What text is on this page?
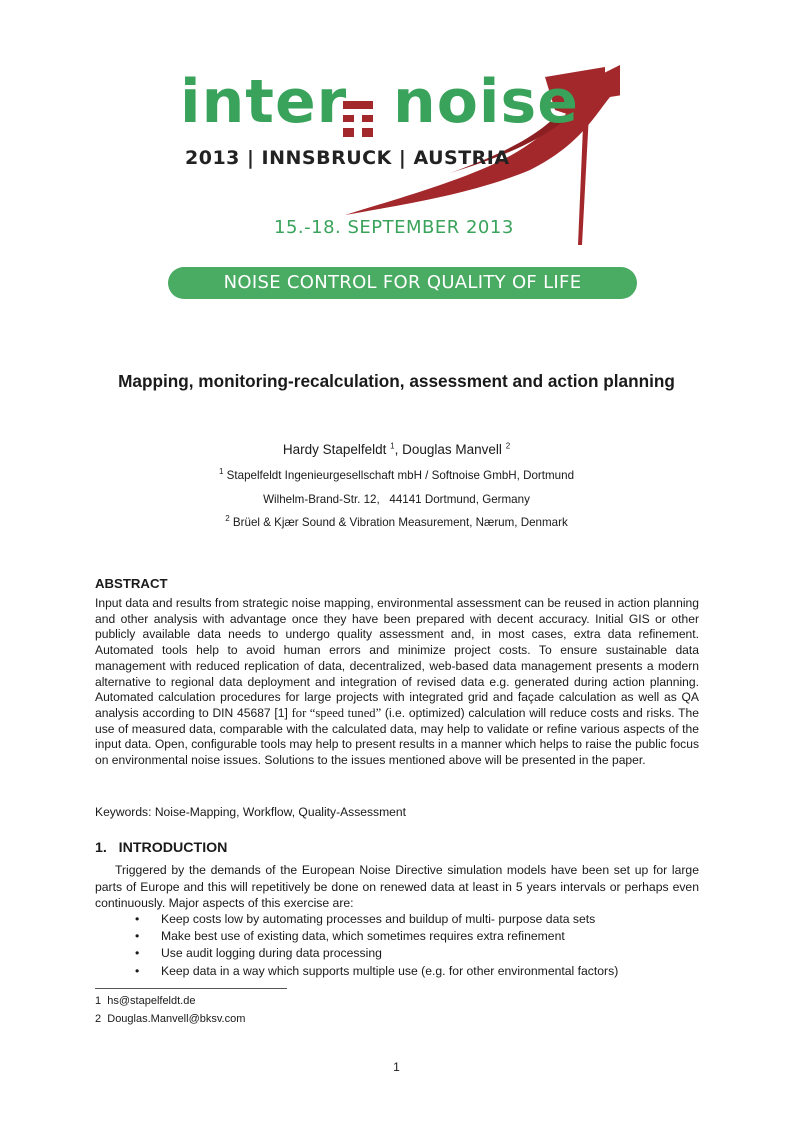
inter noise
2013 | INNSBRUCK | AUSTRIA
15.-18. SEPTEMBER 2013
NOISE CONTROL FOR QUALITY OF LIFE
Mapping, monitoring-recalculation, assessment and action planning
Hardy Stapelfeldt $^1$, Douglas Manvell $^2$
$^1$ Stapelfeldt Ingenieurgesellschaft mbH / Softnoise GmbH, Dortmund
Wilhelm-Brand-Str. 12,   44141 Dortmund, Germany
$^2$ Brüel & Kjær Sound & Vibration Measurement, Nærum, Denmark
ABSTRACT
Input data and results from strategic noise mapping, environmental assessment can be reused in action planning and other analysis with advantage once they have been prepared with decent accuracy. Initial GIS or other publicly available data needs to undergo quality assessment and, in most cases, extra data refinement. Automated tools help to avoid human errors and minimize project costs. To ensure sustainable data management with reduced replication of data, decentralized, web-based data management presents a modern alternative to regional data deployment and integration of revised data e.g. generated during action planning. Automated calculation procedures for large projects with integrated grid and façade calculation as well as QA analysis according to DIN 45687 [1] for “speed tuned” (i.e. optimized) calculation will reduce costs and risks. The use of measured data, comparable with the calculated data, may help to validate or refine various aspects of the input data. Open, configurable tools may help to present results in a manner which helps to raise the public focus on environmental noise issues. Solutions to the issues mentioned above will be presented in the paper.
Keywords: Noise-Mapping, Workflow, Quality-Assessment
1.   INTRODUCTION

Triggered by the demands of the European Noise Directive simulation models have been set up for large parts of Europe and this will repetitively be done on renewed data at least in 5 years intervals or perhaps even continuously. Major aspects of this exercise are:

•	Keep costs low by automating processes and buildup of multi- purpose data sets
•	Make best use of existing data, which sometimes requires extra refinement
•	Use audit logging during data processing
•	Keep data in a way which supports multiple use (e.g. for other environmental factors)
1 hs@stapelfeldt.de
2 Douglas.Manvell@bksv.com
1
